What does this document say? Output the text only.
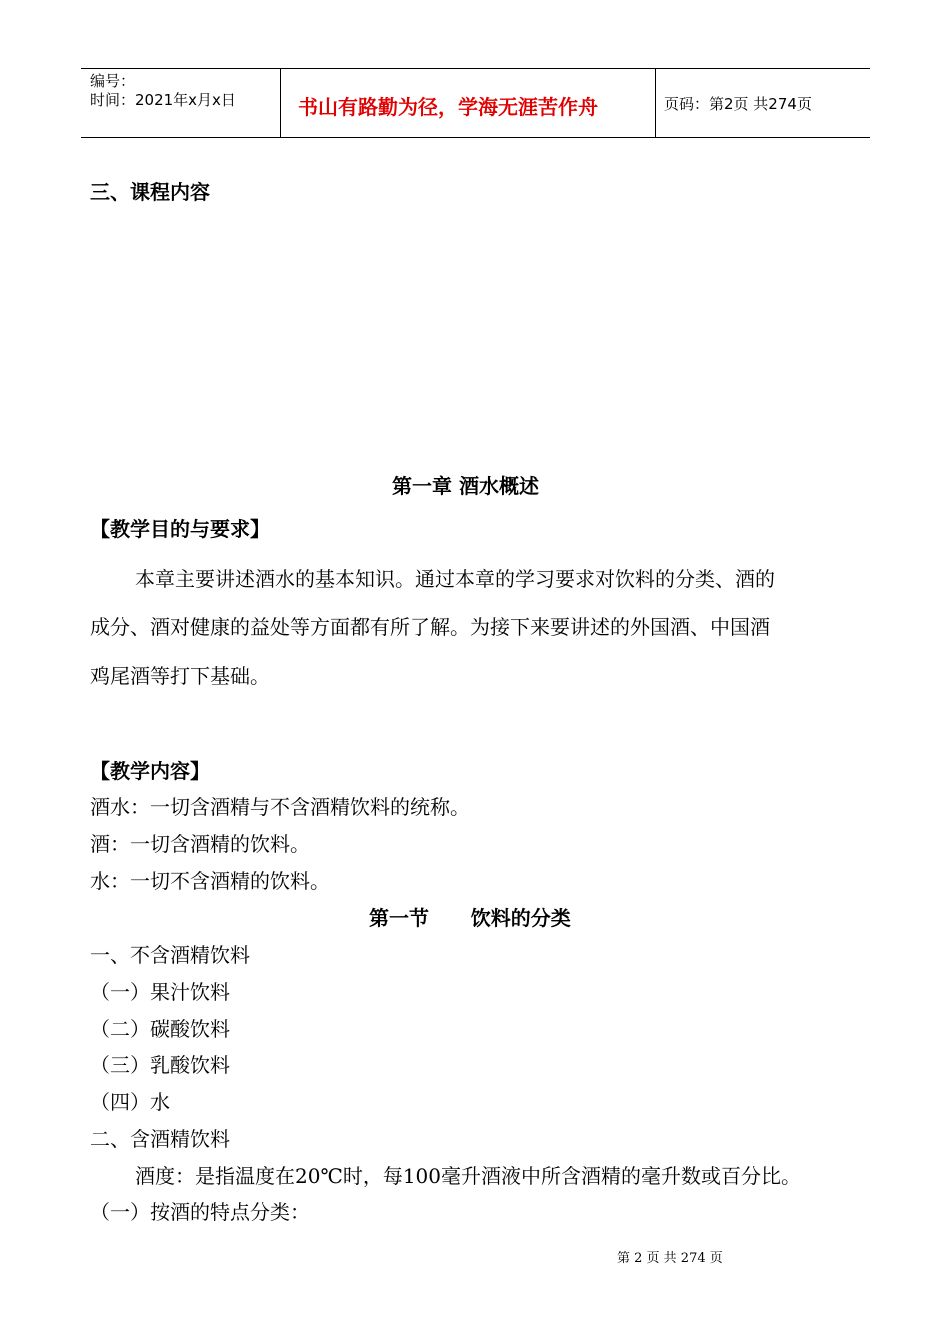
编号：
时间：2021年x月x日	书山有路勤为径，学海无涯苦作舟	页码：第2页 共274页
三、课程内容
第一章 酒水概述
【教学目的与要求】
本章主要讲述酒水的基本知识。通过本章的学习要求对饮料的分类、酒的
成分、酒对健康的益处等方面都有所了解。为接下来要讲述的外国酒、中国酒
鸡尾酒等打下基础。
【教学内容】
酒水：一切含酒精与不含酒精饮料的统称。
酒：一切含酒精的饮料。
水：一切不含酒精的饮料。
第一节      饮料的分类
一、不含酒精饮料
（一）果汁饮料
（二）碳酸饮料
（三）乳酸饮料
（四）水
二、含酒精饮料
酒度：是指温度在20℃时，每100毫升酒液中所含酒精的毫升数或百分比。
（一）按酒的特点分类：
第 2 页 共 274 页
